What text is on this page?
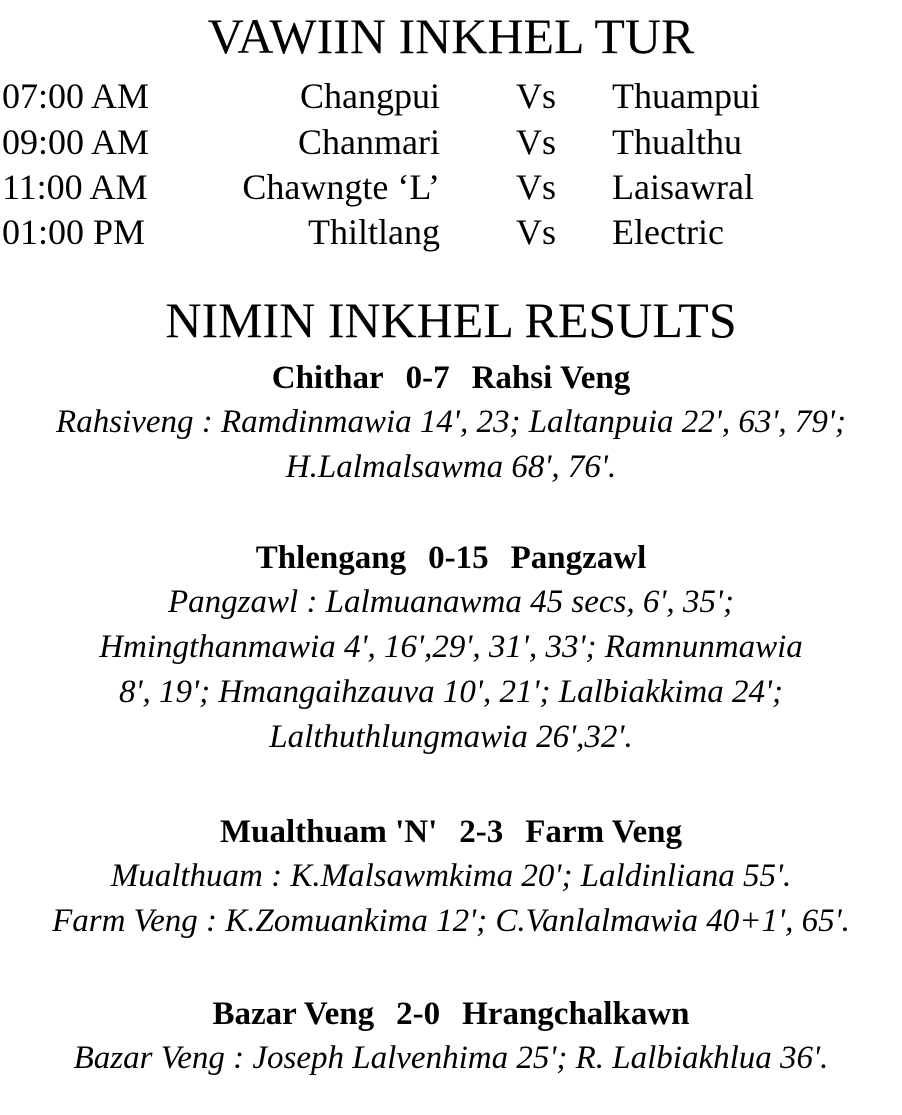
VAWIIN INKHEL TUR
07:00 AM	Changpui Vs Thuampui
09:00 AM	Chanmari Vs Thualthu
11:00 AM	Chawngte ‘L’ Vs Laisawral
01:00 PM	Thiltlang Vs Electric
NIMIN INKHEL RESULTS
Chithar 0-7 Rahsi Veng
Rahsiveng : Ramdinmawia 14', 23; Laltanpuia 22', 63', 79';
H.Lalmalsawma 68', 76'.
Thlengang 0-15 Pangzawl
Pangzawl : Lalmuanawma 45 secs, 6', 35';
Hmingthanmawia 4', 16',29', 31', 33'; Ramnunmawia
8', 19'; Hmangaihzauva 10', 21'; Lalbiakkima 24';
Lalthuthlungmawia 26',32'.
Mualthuam 'N' 2-3 Farm Veng
Mualthuam : K.Malsawmkima 20'; Laldinliana 55'.
Farm Veng : K.Zomuankima 12'; C.Vanlalmawia 40+1', 65'.
Bazar Veng 2-0 Hrangchalkawn
Bazar Veng : Joseph Lalvenhima 25'; R. Lalbiakhlua 36'.
